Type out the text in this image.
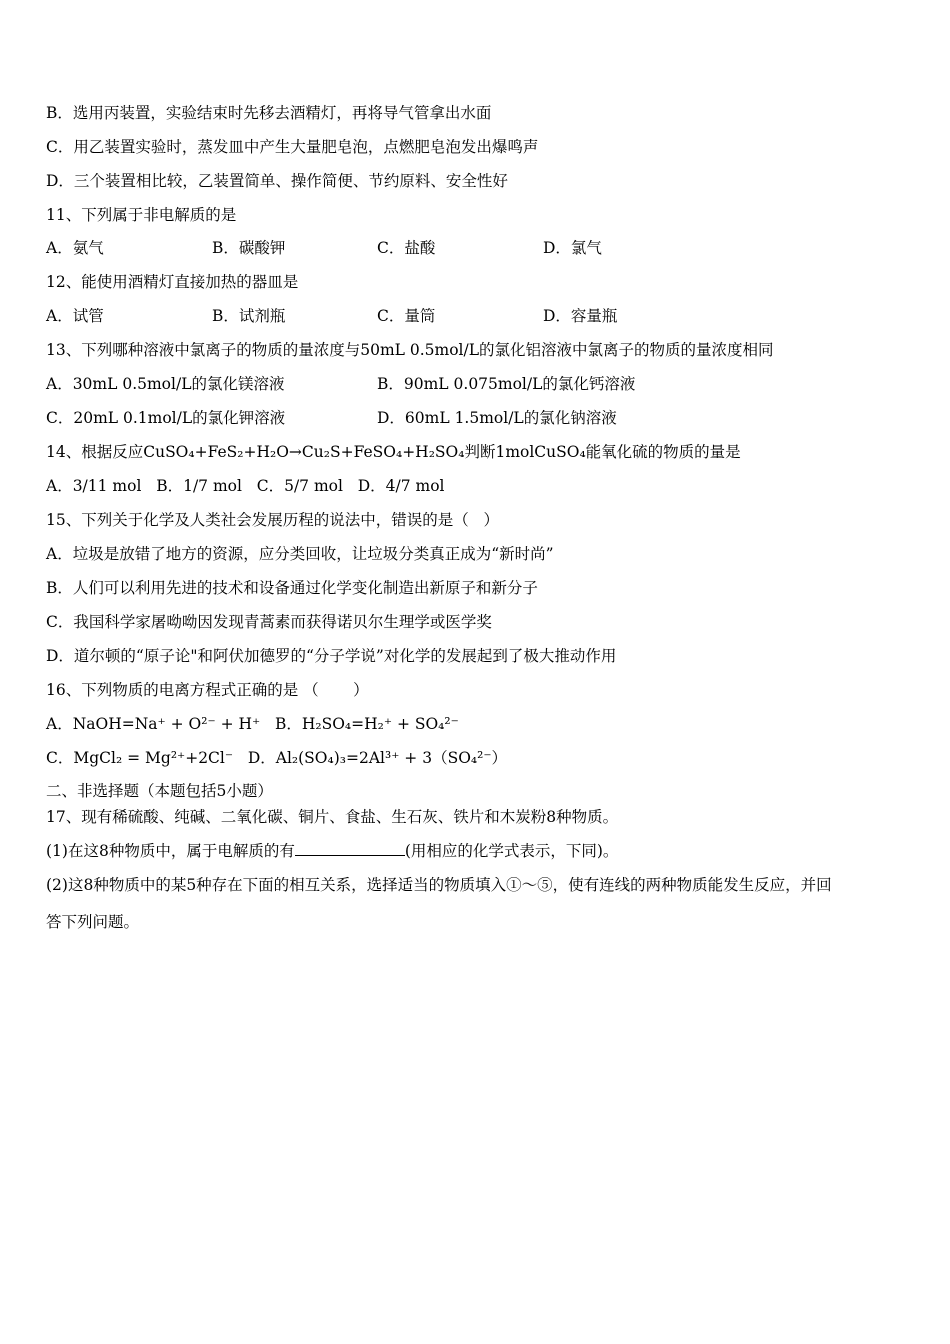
B．选用丙装置，实验结束时先移去酒精灯，再将导气管拿出水面
C．用乙装置实验时，蒸发皿中产生大量肥皂泡，点燃肥皂泡发出爆鸣声
D．三个装置相比较，乙装置简单、操作简便、节约原料、安全性好
11、下列属于非电解质的是
A．氨气	B．碳酸钾	C．盐酸	D．氯气
12、能使用酒精灯直接加热的器皿是
A．试管	B．试剂瓶	C．量筒	D．容量瓶
13、下列哪种溶液中氯离子的物质的量浓度与50mL 0.5mol/L的氯化铝溶液中氯离子的物质的量浓度相同
A．30mL 0.5mol/L的氯化镁溶液	B．90mL 0.075mol/L的氯化钙溶液
C．20mL 0.1mol/L的氯化钾溶液	D．60mL 1.5mol/L的氯化钠溶液
14、根据反应CuSO₄+FeS₂+H₂O→Cu₂S+FeSO₄+H₂SO₄判断1molCuSO₄能氧化硫的物质的量是
A．3/11 mol   B．1/7 mol   C．5/7 mol   D．4/7 mol
15、下列关于化学及人类社会发展历程的说法中，错误的是（   ）
A．垃圾是放错了地方的资源，应分类回收，让垃圾分类真正成为“新时尚”
B．人们可以利用先进的技术和设备通过化学变化制造出新原子和新分子
C．我国科学家屠呦呦因发现青蒿素而获得诺贝尔生理学或医学奖
D．道尔顿的“原子论"和阿伏加德罗的“分子学说”对化学的发展起到了极大推动作用
16、下列物质的电离方程式正确的是 （       ）
A．NaOH=Na⁺ + O²⁻ + H⁺   B．H₂SO₄=H₂⁺ + SO₄²⁻
C．MgCl₂ = Mg²⁺+2Cl⁻   D．Al₂(SO₄)₃=2Al³⁺ + 3（SO₄²⁻）
二、非选择题（本题包括5小题）
17、现有稀硫酸、纯碱、二氧化碳、铜片、食盐、生石灰、铁片和木炭粉8种物质。
(1)在这8种物质中，属于电解质的有	(用相应的化学式表示，下同)。
(2)这8种物质中的某5种存在下面的相互关系，选择适当的物质填入①～⑤，使有连线的两种物质能发生反应，并回
答下列问题。
